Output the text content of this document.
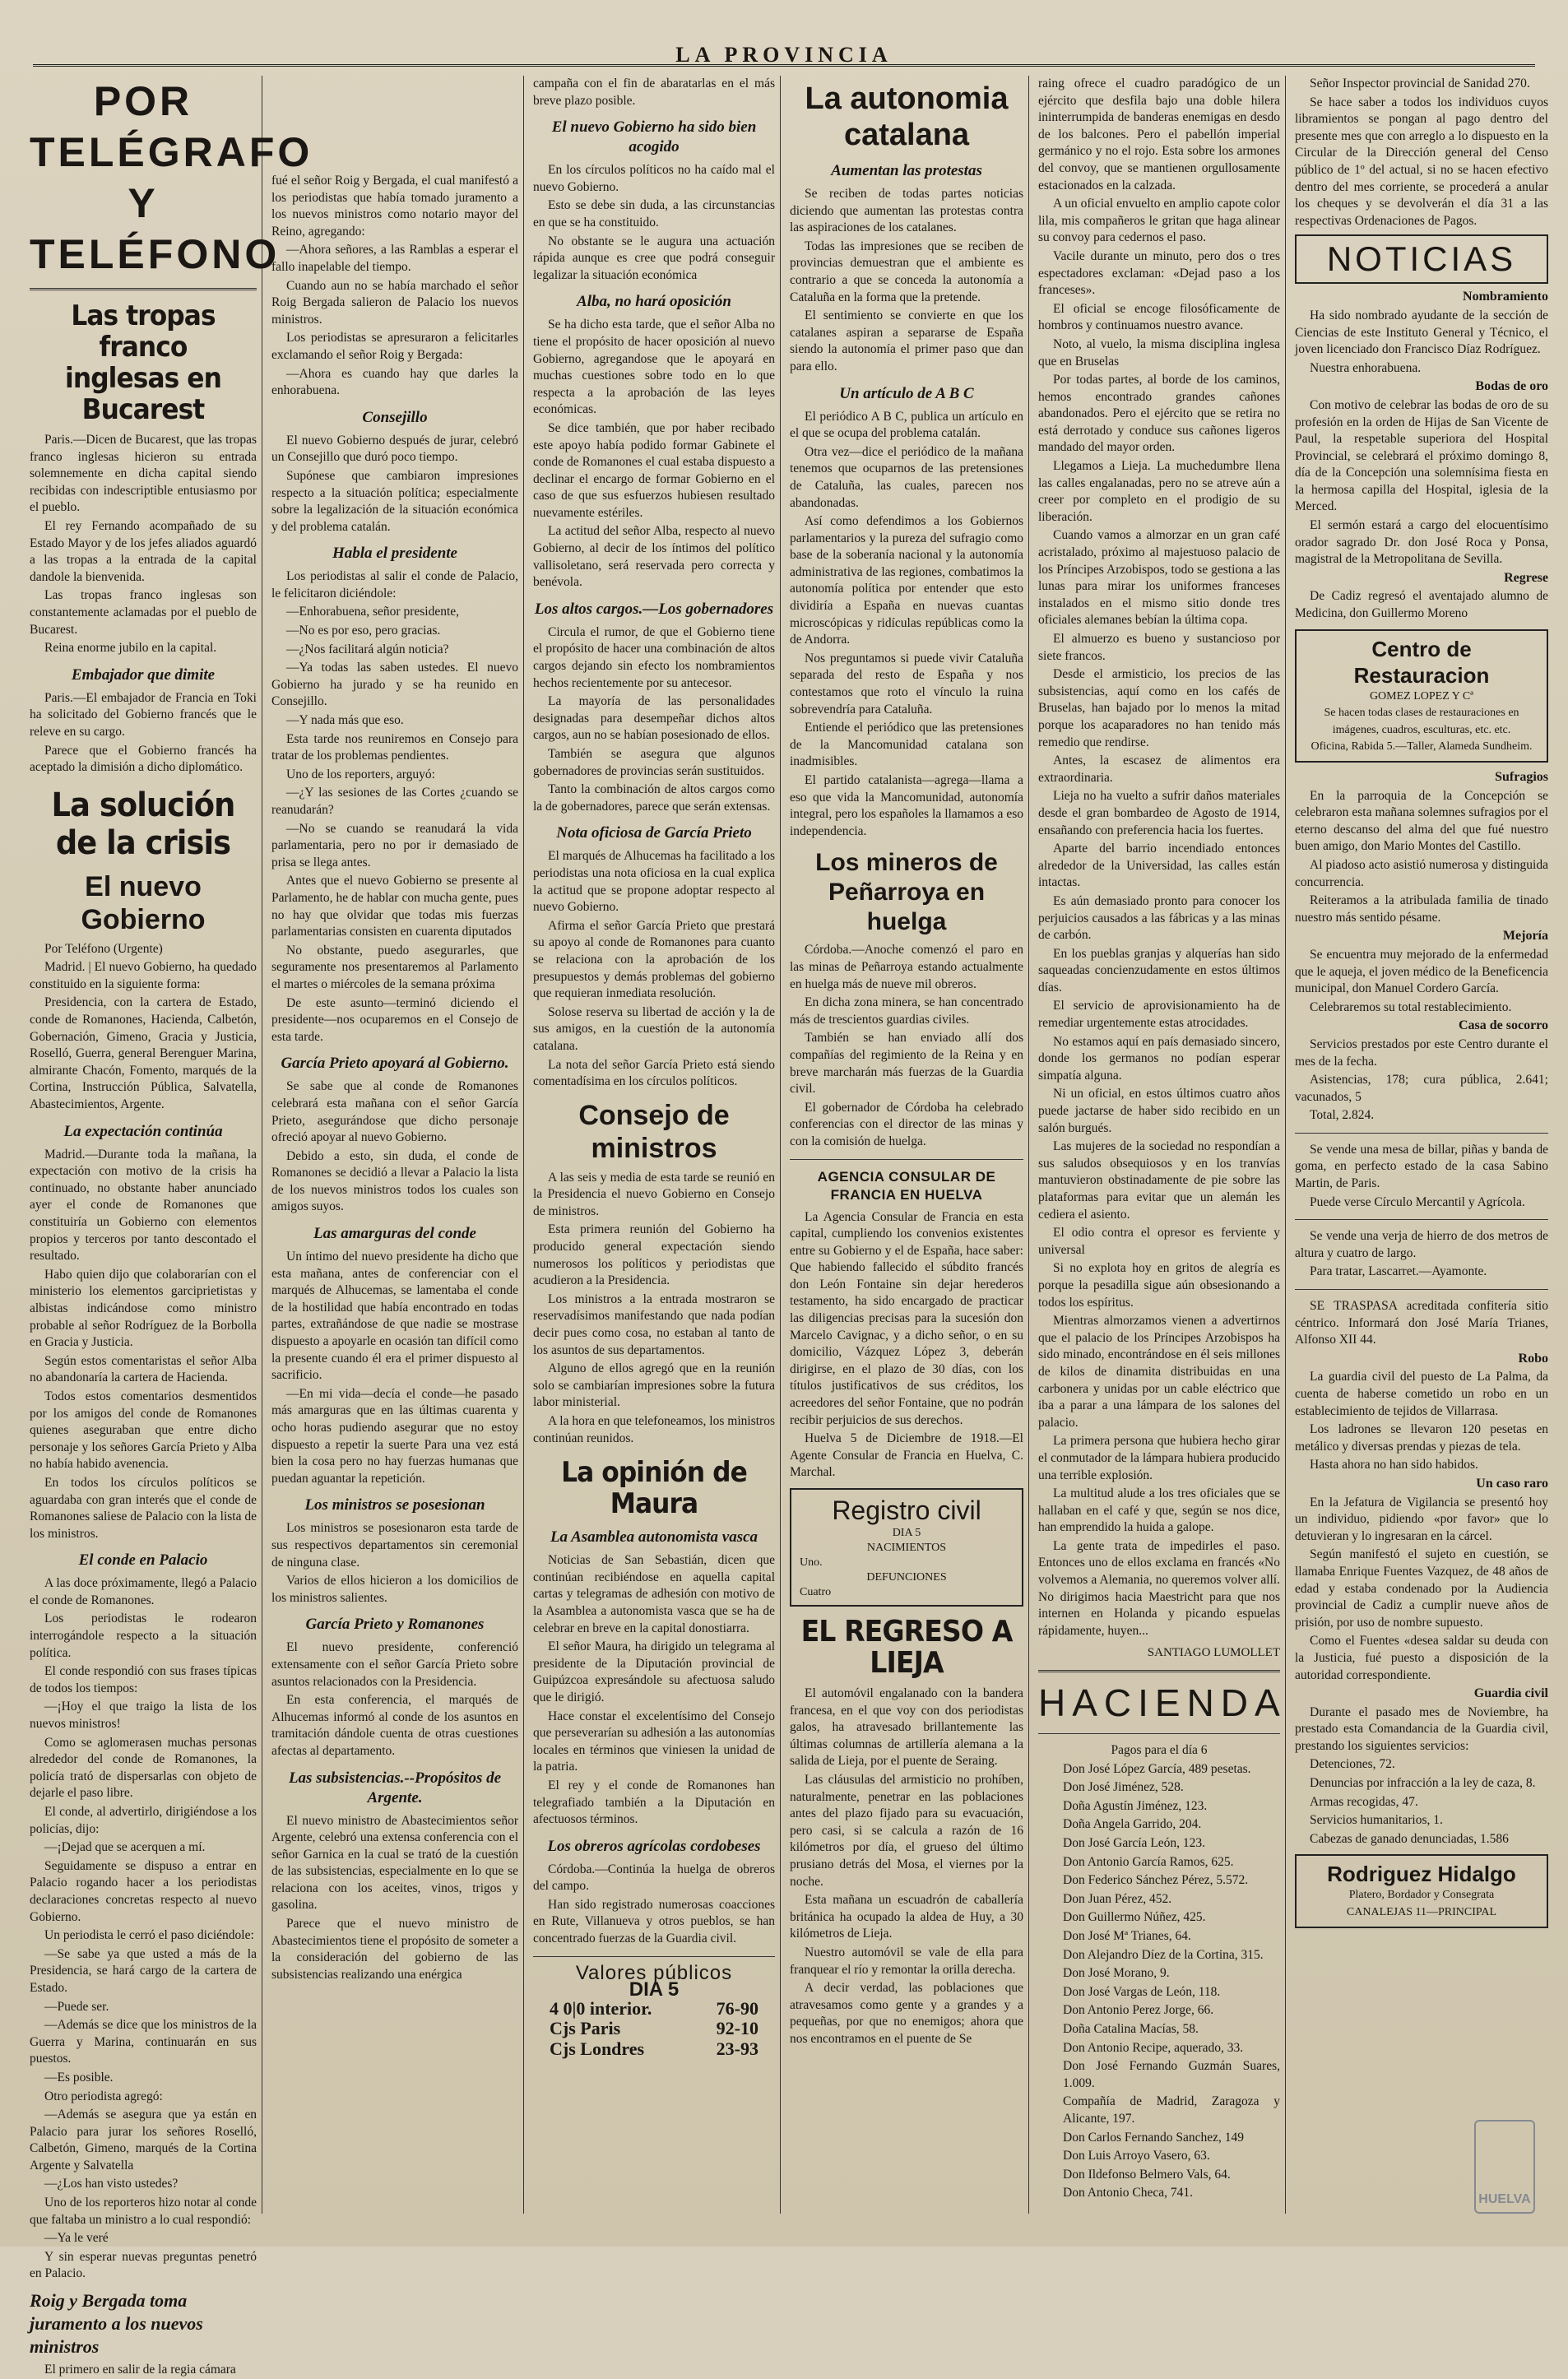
LA PROVINCIA
POR TELÉGRAFO Y TELÉFONO
Las tropas franco inglesas en Bucarest

Paris.—Dicen de Bucarest, que las tropas franco inglesas hicieron su entrada solemnemente en dicha capital siendo recibidas con indescriptible entusiasmo por el pueblo.

El rey Fernando acompañado de su Estado Mayor y de los jefes aliados aguardó a las tropas a la entrada de la capital dandole la bienvenida.

Las tropas franco inglesas son constantemente aclamadas por el pueblo de Bucarest.

Reina enorme jubilo en la capital.

Embajador que dimite

Paris.—El embajador de Francia en Toki ha solicitado del Gobierno francés que le releve en su cargo.

Parece que el Gobierno francés ha aceptado la dimisión a dicho diplomático.

La solución de la crisis
El nuevo Gobierno

Por Teléfono (Urgente)

Madrid. | El nuevo Gobierno, ha quedado constituido en la siguiente forma:

Presidencia, con la cartera de Estado, conde de Romanones, Hacienda, Calbetón, Gobernación, Gimeno, Gracia y Justicia, Roselló, Guerra, general Berenguer Marina, almirante Chacón, Fomento, marqués de la Cortina, Instrucción Pública, Salvatella, Abastecimientos, Argente.

La expectación continúa

Madrid.—Durante toda la mañana, la expectación con motivo de la crisis ha continuado, no obstante haber anunciado ayer el conde de Romanones que constituiría un Gobierno con elementos propios y terceros por tanto descontado el resultado.

Habo quien dijo que colaborarían con el ministerio los elementos garciprietistas y albistas indicándose como ministro probable al señor Rodríguez de la Borbolla en Gracia y Justicia.

Según estos comentaristas el señor Alba no abandonaría la cartera de Hacienda.

Todos estos comentarios desmentidos por los amigos del conde de Romanones quienes aseguraban que entre dicho personaje y los señores García Prieto y Alba no había habido avenencia.

En todos los círculos políticos se aguardaba con gran interés que el conde de Romanones saliese de Palacio con la lista de los ministros.

El conde en Palacio

A las doce próximamente, llegó a Palacio el conde de Romanones.

Los periodistas le rodearon interrogándole respecto a la situación política.

El conde respondió con sus frases típicas de todos los tiempos:

—¡Hoy el que traigo la lista de los nuevos ministros!

Como se aglomerasen muchas personas alrededor del conde de Romanones, la policía trató de dispersarlas con objeto de dejarle el paso libre.

El conde, al advertirlo, dirigiéndose a los policías, dijo:

—¡Dejad que se acerquen a mí.

Seguidamente se dispuso a entrar en Palacio rogando hacer a los periodistas declaraciones concretas respecto al nuevo Gobierno.

Un periodista le cerró el paso diciéndole:

—Se sabe ya que usted a más de la Presidencia, se hará cargo de la cartera de Estado.

—Puede ser.

—Además se dice que los ministros de la Guerra y Marina, continuarán en sus puestos.

—Es posible.

Otro periodista agregó:

—Además se asegura que ya están en Palacio para jurar los señores Roselló, Calbetón, Gimeno, marqués de la Cortina Argente y Salvatella

—¿Los han visto ustedes?

Uno de los reporteros hizo notar al conde que faltaba un ministro a lo cual respondió:

—Ya le veré

Y sin esperar nuevas preguntas penetró en Palacio.

Roig y Bergada toma juramento a los nuevos ministros

El primero en salir de la regia cámara

fué el señor Roig y Bergada, el cual manifestó a los periodistas que había tomado juramento a los nuevos ministros como notario mayor del Reino, agregando:

—Ahora señores, a las Ramblas a esperar el fallo inapelable del tiempo.

Cuando aun no se había marchado el señor Roig Bergada salieron de Palacio los nuevos ministros.

Los periodistas se apresuraron a felicitarles exclamando el señor Roig y Bergada:

—Ahora es cuando hay que darles la enhorabuena.

Consejillo

El nuevo Gobierno después de jurar, celebró un Consejillo que duró poco tiempo.

Supónese que cambiaron impresiones respecto a la situación política; especialmente sobre la legalización de la situación económica y del problema catalán.

Habla el presidente

Los periodistas al salir el conde de Palacio, le felicitaron diciéndole:

—Enhorabuena, señor presidente,

—No es por eso, pero gracias.

—¿Nos facilitará algún noticia?

—Ya todas las saben ustedes. El nuevo Gobierno ha jurado y se ha reunido en Consejillo.

—Y nada más que eso.

Esta tarde nos reuniremos en Consejo para tratar de los problemas pendientes.

Uno de los reporters, arguyó:

—¿Y las sesiones de las Cortes ¿cuando se reanudarán?

—No se cuando se reanudará la vida parlamentaria, pero no por ir demasiado de prisa se llega antes.

Antes que el nuevo Gobierno se presente al Parlamento, he de hablar con mucha gente, pues no hay que olvidar que todas mis fuerzas parlamentarias consisten en cuarenta diputados

No obstante, puedo asegurarles, que seguramente nos presentaremos al Parlamento el martes o miércoles de la semana próxima

De este asunto—terminó diciendo el presidente—nos ocuparemos en el Consejo de esta tarde.

García Prieto apoyará al Gobierno.

Se sabe que al conde de Romanones celebrará esta mañana con el señor García Prieto, asegurándose que dicho personaje ofreció apoyar al nuevo Gobierno.

Debido a esto, sin duda, el conde de Romanones se decidió a llevar a Palacio la lista de los nuevos ministros todos los cuales son amigos suyos.

Las amarguras del conde

Un íntimo del nuevo presidente ha dicho que esta mañana, antes de conferenciar con el marqués de Alhucemas, se lamentaba el conde de la hostilidad que había encontrado en todas partes, extrañándose de que nadie se mostrase dispuesto a apoyarle en ocasión tan difícil como la presente cuando él era el primer dispuesto al sacrificio.

—En mi vida—decía el conde—he pasado más amarguras que en las últimas cuarenta y ocho horas pudiendo asegurar que no estoy dispuesto a repetir la suerte Para una vez está bien la cosa pero no hay fuerzas humanas que puedan aguantar la repetición.

Los ministros se posesionan

Los ministros se posesionaron esta tarde de sus respectivos departamentos sin ceremonial de ninguna clase.

Varios de ellos hicieron a los domicilios de los ministros salientes.

García Prieto y Romanones

El nuevo presidente, conferenció extensamente con el señor García Prieto sobre asuntos relacionados con la Presidencia.

En esta conferencia, el marqués de Alhucemas informó al conde de los asuntos en tramitación dándole cuenta de otras cuestiones afectas al departamento.

Las subsistencias.--Propósitos de Argente.

El nuevo ministro de Abastecimientos señor Argente, celebró una extensa conferencia con el señor Garnica en la cual se trató de la cuestión de las subsistencias, especialmente en lo que se relaciona con los aceites, vinos, trigos y gasolina.

Parece que el nuevo ministro de Abastecimientos tiene el propósito de someter a la consideración del gobierno de las subsistencias realizando una enérgica

campaña con el fin de abaratarlas en el más breve plazo posible.

El nuevo Gobierno ha sido bien acogido

En los círculos políticos no ha caído mal el nuevo Gobierno.

Esto se debe sin duda, a las circunstancias en que se ha constituido.

No obstante se le augura una actuación rápida aunque es cree que podrá conseguir legalizar la situación económica

Alba, no hará oposición

Se ha dicho esta tarde, que el señor Alba no tiene el propósito de hacer oposición al nuevo Gobierno, agregandose que le apoyará en muchas cuestiones sobre todo en lo que respecta a la aprobación de las leyes económicas.

Se dice también, que por haber recibado este apoyo había podido formar Gabinete el conde de Romanones el cual estaba dispuesto a declinar el encargo de formar Gobierno en el caso de que sus esfuerzos hubiesen resultado nuevamente estériles.

La actitud del señor Alba, respecto al nuevo Gobierno, al decir de los íntimos del político vallisoletano, será reservada pero correcta y benévola.

Los altos cargos.—Los gobernadores

Circula el rumor, de que el Gobierno tiene el propósito de hacer una combinación de altos cargos dejando sin efecto los nombramientos hechos recientemente por su antecesor.

La mayoría de las personalidades designadas para desempeñar dichos altos cargos, aun no se habían posesionado de ellos.

También se asegura que algunos gobernadores de provincias serán sustituidos.

Tanto la combinación de altos cargos como la de gobernadores, parece que serán extensas.

Nota oficiosa de García Prieto

El marqués de Alhucemas ha facilitado a los periodistas una nota oficiosa en la cual explica la actitud que se propone adoptar respecto al nuevo Gobierno.

Afirma el señor García Prieto que prestará su apoyo al conde de Romanones para cuanto se relaciona con la aprobación de los presupuestos y demás problemas del gobierno que requieran inmediata resolución.

Solose reserva su libertad de acción y la de sus amigos, en la cuestión de la autonomía catalana.

La nota del señor García Prieto está siendo comentadísima en los círculos políticos.

Consejo de ministros

A las seis y media de esta tarde se reunió en la Presidencia el nuevo Gobierno en Consejo de ministros.

Esta primera reunión del Gobierno ha producido general expectación siendo numerosos los políticos y periodistas que acudieron a la Presidencia.

Los ministros a la entrada mostraron se reservadísimos manifestando que nada podían decir pues como cosa, no estaban al tanto de los asuntos de sus departamentos.

Alguno de ellos agregó que en la reunión solo se cambiarían impresiones sobre la futura labor ministerial.

A la hora en que telefoneamos, los ministros continúan reunidos.

La opinión de Maura
La Asamblea autonomista vasca

Noticias de San Sebastián, dicen que continúan recibiéndose en aquella capital cartas y telegramas de adhesión con motivo de la Asamblea a autonomista vasca que se ha de celebrar en breve en la capital donostiarra.

El señor Maura, ha dirigido un telegrama al presidente de la Diputación provincial de Guipúzcoa expresándole su afectuosa saludo que le dirigió.

Hace constar el excelentísimo del Consejo que perseverarían su adhesión a las autonomías locales en términos que viniesen la unidad de la patria.

El rey y el conde de Romanones han telegrafiado también a la Diputación en afectuosos términos.

Los obreros agrícolas cordobeses

Córdoba.—Continúa la huelga de obreros del campo.

Han sido registrado numerosas coacciones en Rute, Villanueva y otros pueblos, se han concentrado fuerzas de la Guardia civil.

Valores públicos
DIA 5
4 0|0 interior.	76-90
Cjs Paris	92-10
Cjs Londres	23-93
La autonomia catalana
Aumentan las protestas

Se reciben de todas partes noticias diciendo que aumentan las protestas contra las aspiraciones de los catalanes.

Todas las impresiones que se reciben de provincias demuestran que el ambiente es contrario a que se conceda la autonomía a Cataluña en la forma que la pretende.

El sentimiento se convierte en que los catalanes aspiran a separarse de España siendo la autonomía el primer paso que dan para ello.

Un artículo de A B C

El periódico A B C, publica un artículo en el que se ocupa del problema catalán.

Otra vez—dice el periódico de la mañana tenemos que ocuparnos de las pretensiones de Cataluña, las cuales, parecen nos abandonadas.

Así como defendimos a los Gobiernos parlamentarios y la pureza del sufragio como base de la soberanía nacional y la autonomía administrativa de las regiones, combatimos la autonomía política por entender que esto dividiría a España en nuevas cuantas microscópicas y ridículas repúblicas como la de Andorra.

Nos preguntamos si puede vivir Cataluña separada del resto de España y nos contestamos que roto el vínculo la ruina sobrevendría para Cataluña.

Entiende el periódico que las pretensiones de la Mancomunidad catalana son inadmisibles.

El partido catalanista—agrega—llama a eso que vida la Mancomunidad, autonomía integral, pero los españoles la llamamos a eso independencia.

Los mineros de Peñarroya en huelga

Córdoba.—Anoche comenzó el paro en las minas de Peñarroya estando actualmente en huelga más de nueve mil obreros.

En dicha zona minera, se han concentrado más de trescientos guardias civiles.

También se han enviado allí dos compañías del regimiento de la Reina y en breve marcharán más fuerzas de la Guardia civil.

El gobernador de Córdoba ha celebrado conferencias con el director de las minas y con la comisión de huelga.

AGENCIA CONSULAR DE FRANCIA EN HUELVA

La Agencia Consular de Francia en esta capital, cumpliendo los convenios existentes entre su Gobierno y el de España, hace saber: Que habiendo fallecido el súbdito francés don León Fontaine sin dejar herederos testamento, ha sido encargado de practicar las diligencias precisas para la sucesión don Marcelo Cavignac, y a dicho señor, o en su domicilio, Vázquez López 3, deberán dirigirse, en el plazo de 30 días, con los títulos justificativos de sus créditos, los acreedores del señor Fontaine, que no podrán recibir perjuicios de sus derechos.

Huelva 5 de Diciembre de 1918.—El Agente Consular de Francia en Huelva, C. Marchal.

Registro civil
DIA 5
NACIMIENTOS
Uno.
DEFUNCIONES
Cuatro
EL REGRESO A LIEJA

El automóvil engalanado con la bandera francesa, en el que voy con dos periodistas galos, ha atravesado brillantemente las últimas columnas de artillería alemana a la salida de Lieja, por el puente de Seraing.

Las cláusulas del armisticio no prohíben, naturalmente, penetrar en las poblaciones antes del plazo fijado para su evacuación, pero casi, si se calcula a razón de 16 kilómetros por día, el grueso del último prusiano detrás del Mosa, el viernes por la noche.

Esta mañana un escuadrón de caballería británica ha ocupado la aldea de Huy, a 30 kilómetros de Lieja.

Nuestro automóvil se vale de ella para franquear el río y remontar la orilla derecha.

A decir verdad, las poblaciones que atravesamos como gente y a grandes y a pequeñas, por que no enemigos; ahora que nos encontramos en el puente de Se

raing ofrece el cuadro paradógico de un ejército que desfila bajo una doble hilera ininterrumpida de banderas enemigas en desdo de los balcones. Pero el pabellón imperial germánico y no el rojo. Esta sobre los armones del convoy, que se mantienen orgullosamente estacionados en la calzada.

A un oficial envuelto en amplio capote color lila, mis compañeros le gritan que haga alinear su convoy para cedernos el paso.

Vacile durante un minuto, pero dos o tres espectadores exclaman: «Dejad paso a los franceses».

El oficial se encoge filosóficamente de hombros y continuamos nuestro avance.

Noto, al vuelo, la misma disciplina inglesa que en Bruselas

Por todas partes, al borde de los caminos, hemos encontrado grandes cañones abandonados. Pero el ejército que se retira no está derrotado y conduce sus cañones ligeros mandado del mayor orden.

Llegamos a Lieja. La muchedumbre llena las calles engalanadas, pero no se atreve aún a creer por completo en el prodigio de su liberación.

Cuando vamos a almorzar en un gran café acristalado, próximo al majestuoso palacio de los Príncipes Arzobispos, todo se gestiona a las lunas para mirar los uniformes franceses instalados en el mismo sitio donde tres oficiales alemanes bebían la última copa.

El almuerzo es bueno y sustancioso por siete francos.

Desde el armisticio, los precios de las subsistencias, aquí como en los cafés de Bruselas, han bajado por lo menos la mitad porque los acaparadores no han tenido más remedio que rendirse.

Antes, la escasez de alimentos era extraordinaria.

Lieja no ha vuelto a sufrir daños materiales desde el gran bombardeo de Agosto de 1914, ensañando con preferencia hacia los fuertes.

Aparte del barrio incendiado entonces alrededor de la Universidad, las calles están intactas.

Es aún demasiado pronto para conocer los perjuicios causados a las fábricas y a las minas de carbón.

En los pueblas granjas y alquerías han sido saqueadas concienzudamente en estos últimos días.

El servicio de aprovisionamiento ha de remediar urgentemente estas atrocidades.

No estamos aquí en país demasiado sincero, donde los germanos no podían esperar simpatía alguna.

Ni un oficial, en estos últimos cuatro años puede jactarse de haber sido recibido en un salón burgués.

Las mujeres de la sociedad no respondían a sus saludos obsequiosos y en los tranvías mantuvieron obstinadamente de pie sobre las plataformas para evitar que un alemán les cediera el asiento.

El odio contra el opresor es ferviente y universal

Si no explota hoy en gritos de alegría es porque la pesadilla sigue aún obsesionando a todos los espíritus.

Mientras almorzamos vienen a advertirnos que el palacio de los Príncipes Arzobispos ha sido minado, encontrándose en él seis millones de kilos de dinamita distribuidas en una carbonera y unidas por un cable eléctrico que iba a parar a una lámpara de los salones del palacio.

La primera persona que hubiera hecho girar el conmutador de la lámpara hubiera producido una terrible explosión.

La multitud alude a los tres oficiales que se hallaban en el café y que, según se nos dice, han emprendido la huida a galope.

La gente trata de impedirles el paso. Entonces uno de ellos exclama en francés «No volvemos a Alemania, no queremos volver allí. No dirigimos hacia Maestricht para que nos internen en Holanda y picando espuelas rápidamente, huyen...

SANTIAGO LUMOLLET
HACIENDA

Pagos para el día 6

Don José López García, 489 pesetas.

Don José Jiménez, 528.

Doña Agustín Jiménez, 123.

Doña Angela Garrido, 204.

Don José García León, 123.

Don Antonio García Ramos, 625.

Don Federico Sánchez Pérez, 5.572.

Don Juan Pérez, 452.

Don Guillermo Núñez, 425.

Don José Mª Trianes, 64.

Don Alejandro Díez de la Cortina, 315.

Don José Morano, 9.

Don José Vargas de León, 118.

Don Antonio Perez Jorge, 66.

Doña Catalina Macías, 58.

Don Antonio Recipe, aquerado, 33.

Don José Fernando Guzmán Suares, 1.009.

Compañía de Madrid, Zaragoza y Alicante, 197.

Don Carlos Fernando Sanchez, 149

Don Luis Arroyo Vasero, 63.

Don Ildefonso Belmero Vals, 64.

Don Antonio Checa, 741.

Señor Inspector provincial de Sanidad 270.

Se hace saber a todos los individuos cuyos libramientos se pongan al pago dentro del presente mes que con arreglo a lo dispuesto en la Circular de la Dirección general del Censo público de 1º del actual, si no se hacen efectivo dentro del mes corriente, se procederá a anular los cheques y se devolverán el día 31 a las respectivas Ordenaciones de Pagos.

NOTICIAS

Nombramiento

Ha sido nombrado ayudante de la sección de Ciencias de este Instituto General y Técnico, el joven licenciado don Francisco Díaz Rodríguez.

Nuestra enhorabuena.

Bodas de oro

Con motivo de celebrar las bodas de oro de su profesión en la orden de Hijas de San Vicente de Paul, la respetable superiora del Hospital Provincial, se celebrará el próximo domingo 8, día de la Concepción una solemnísima fiesta en la hermosa capilla del Hospital, iglesia de la Merced.

El sermón estará a cargo del elocuentísimo orador sagrado Dr. don José Roca y Ponsa, magistral de la Metropolitana de Sevilla.

Regrese

De Cadiz regresó el aventajado alumno de Medicina, don Guillermo Moreno

Centro de Restauracion
GOMEZ LOPEZ Y Cª
Se hacen todas clases de restauraciones en imágenes, cuadros, esculturas, etc. etc.
Oficina, Rabida 5.—Taller, Alameda Sundheim.

Sufragios

En la parroquia de la Concepción se celebraron esta mañana solemnes sufragios por el eterno descanso del alma del que fué nuestro buen amigo, don Mario Montes del Castillo.

Al piadoso acto asistió numerosa y distinguida concurrencia.

Reiteramos a la atribulada familia de tinado nuestro más sentido pésame.

Mejoría

Se encuentra muy mejorado de la enfermedad que le aqueja, el joven médico de la Beneficencia municipal, don Manuel Cordero García.

Celebraremos su total restablecimiento.

Casa de socorro

Servicios prestados por este Centro durante el mes de la fecha.

Asistencias, 178; cura pública, 2.641; vacunados, 5

Total, 2.824.

Se vende una mesa de billar, piñas y banda de goma, en perfecto estado de la casa Sabino Martin, de Paris.

Puede verse Círculo Mercantil y Agrícola.

Se vende una verja de hierro de dos metros de altura y cuatro de largo.

Para tratar, Lascarret.—Ayamonte.

SE TRASPASA acreditada confitería sitio céntrico. Informará don José María Trianes, Alfonso XII 44.

Robo

La guardia civil del puesto de La Palma, da cuenta de haberse cometido un robo en un establecimiento de tejidos de Villarrasa.

Los ladrones se llevaron 120 pesetas en metálico y diversas prendas y piezas de tela.

Hasta ahora no han sido habidos.

Un caso raro

En la Jefatura de Vigilancia se presentó hoy un individuo, pidiendo «por favor» que lo detuvieran y lo ingresaran en la cárcel.

Según manifestó el sujeto en cuestión, se llamaba Enrique Fuentes Vazquez, de 48 años de edad y estaba condenado por la Audiencia provincial de Cadiz a cumplir nueve años de prisión, por uso de nombre supuesto.

Como el Fuentes «desea saldar su deuda con la Justicia, fué puesto a disposición de la autoridad correspondiente.

Guardia civil

Durante el pasado mes de Noviembre, ha prestado esta Comandancia de la Guardia civil, prestando los siguientes servicios:

Detenciones, 72.

Denuncias por infracción a la ley de caza, 8.

Armas recogidas, 47.

Servicios humanitarios, 1.

Cabezas de ganado denunciadas, 1.586

Rodriguez Hidalgo
Platero, Bordador y Consegrata
CANALEJAS 11—PRINCIPAL
HUELVA
